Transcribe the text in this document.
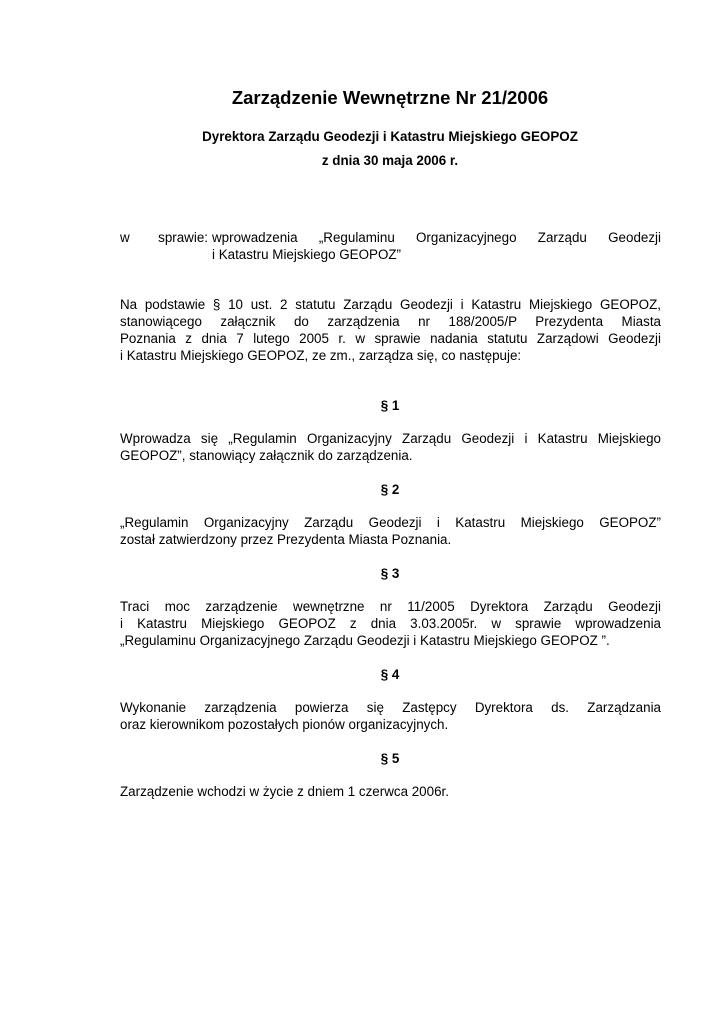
Zarządzenie Wewnętrzne Nr 21/2006
Dyrektora Zarządu Geodezji i Katastru Miejskiego GEOPOZ
z dnia 30 maja 2006 r.
w sprawie: wprowadzenia „Regulaminu Organizacyjnego Zarządu Geodezji
i Katastru Miejskiego GEOPOZ”
Na podstawie § 10 ust. 2 statutu Zarządu Geodezji i Katastru Miejskiego GEOPOZ,
stanowiącego załącznik do zarządzenia nr 188/2005/P Prezydenta Miasta
Poznania z dnia 7 lutego 2005 r. w sprawie nadania statutu Zarządowi Geodezji
i Katastru Miejskiego GEOPOZ, ze zm., zarządza się, co następuje:
§ 1
Wprowadza się „Regulamin Organizacyjny Zarządu Geodezji i Katastru Miejskiego
GEOPOZ”, stanowiący załącznik do zarządzenia.
§ 2
„Regulamin Organizacyjny Zarządu Geodezji i Katastru Miejskiego GEOPOZ”
został zatwierdzony przez Prezydenta Miasta Poznania.
§ 3
Traci moc zarządzenie wewnętrzne nr 11/2005 Dyrektora Zarządu Geodezji
i Katastru Miejskiego GEOPOZ z dnia 3.03.2005r. w sprawie wprowadzenia
„Regulaminu Organizacyjnego Zarządu Geodezji i Katastru Miejskiego GEOPOZ ”.
§ 4
Wykonanie zarządzenia powierza się Zastępcy Dyrektora ds. Zarządzania
oraz kierownikom pozostałych pionów organizacyjnych.
§ 5
Zarządzenie wchodzi w życie z dniem 1 czerwca 2006r.
